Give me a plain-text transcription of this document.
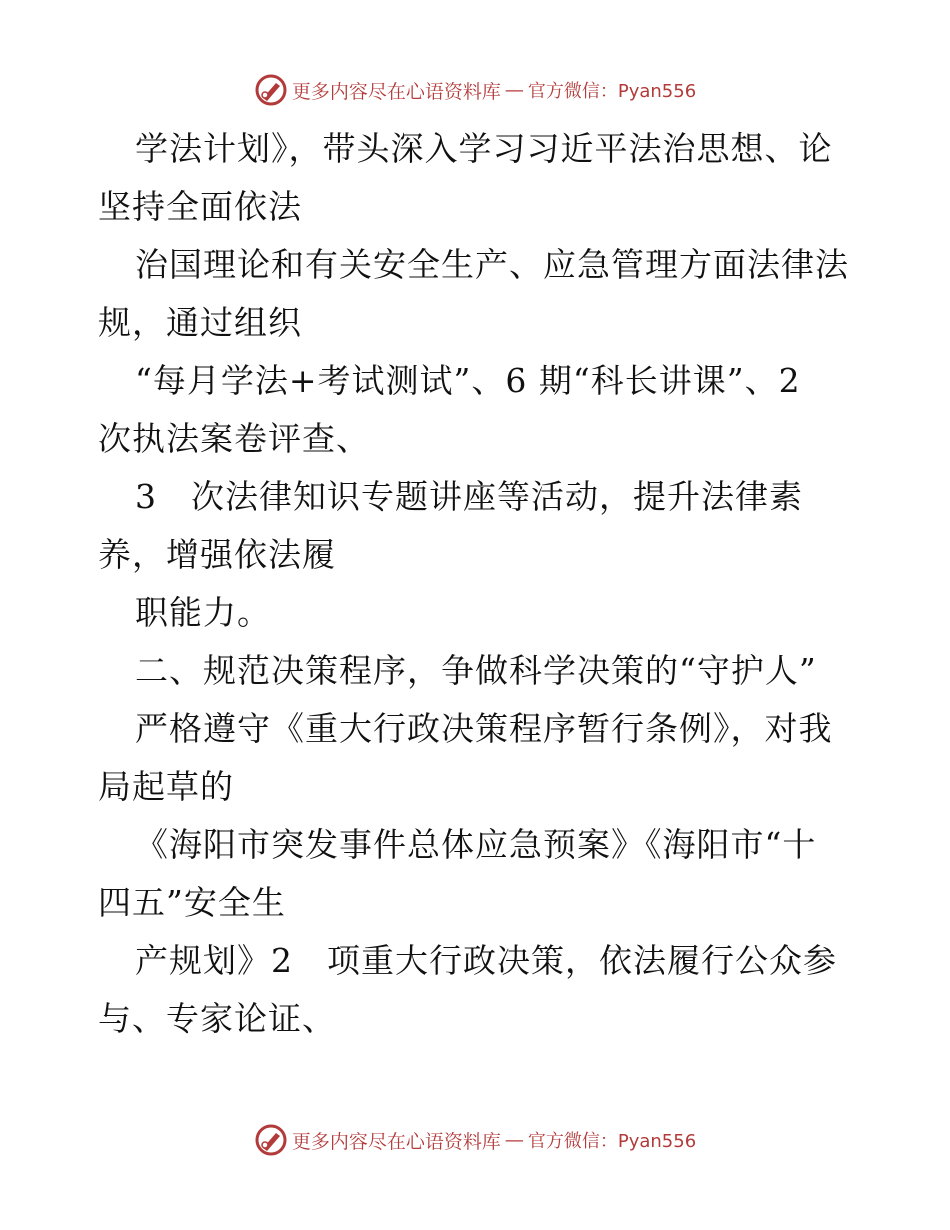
更多内容尽在心语资料库 — 官方微信：Pyan556
学法计划》，带头深入学习习近平法治思想、论
坚持全面依法
治国理论和有关安全生产、应急管理方面法律法
规，通过组织
“每月学法+考试测试”、6 期“科长讲课”、2
次执法案卷评查、
3　次法律知识专题讲座等活动，提升法律素
养，增强依法履
职能力。
二、规范决策程序，争做科学决策的“守护人”
严格遵守《重大行政决策程序暂行条例》，对我
局起草的
《海阳市突发事件总体应急预案》《海阳市“十
四五”安全生
产规划》2　项重大行政决策，依法履行公众参
与、专家论证、
更多内容尽在心语资料库 — 官方微信：Pyan556
